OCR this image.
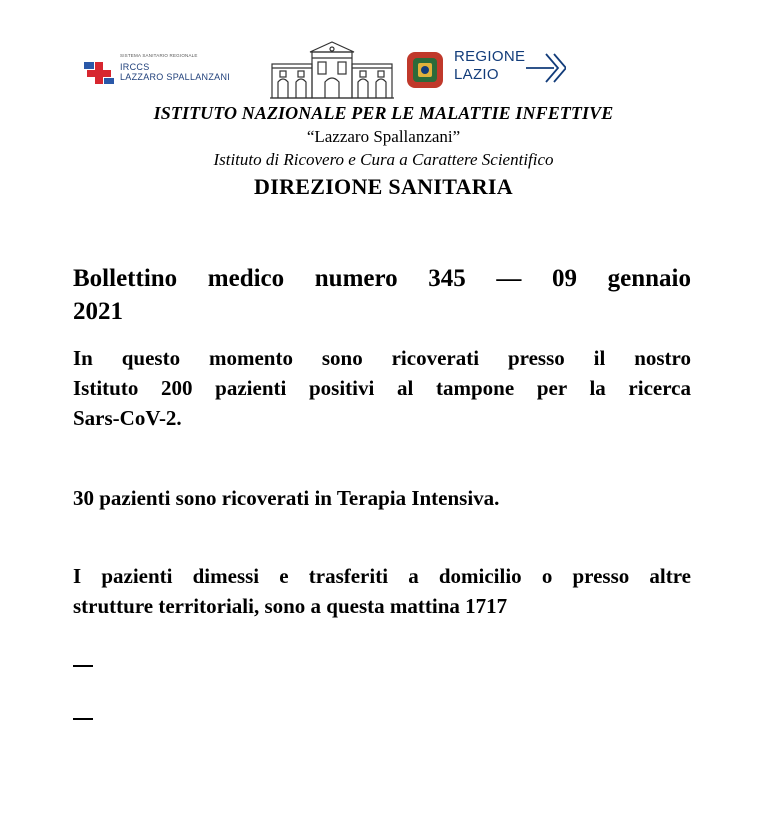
SISTEMA SANITARIO REGIONALE
IRCCS
LAZZARO SPALLANZANI
REGIONE
LAZIO
ISTITUTO NAZIONALE PER LE MALATTIE INFETTIVE
“Lazzaro Spallanzani”
Istituto di Ricovero e Cura a Carattere Scientifico
DIREZIONE SANITARIA
Bollettino medico numero 345 — 09 gennaio
2021
In questo momento sono ricoverati presso il nostro
Istituto 200 pazienti positivi al tampone per la ricerca
Sars-CoV-2.
30 pazienti sono ricoverati in Terapia Intensiva.
I pazienti dimessi e trasferiti a domicilio o presso altre
strutture territoriali, sono a questa mattina 1717
